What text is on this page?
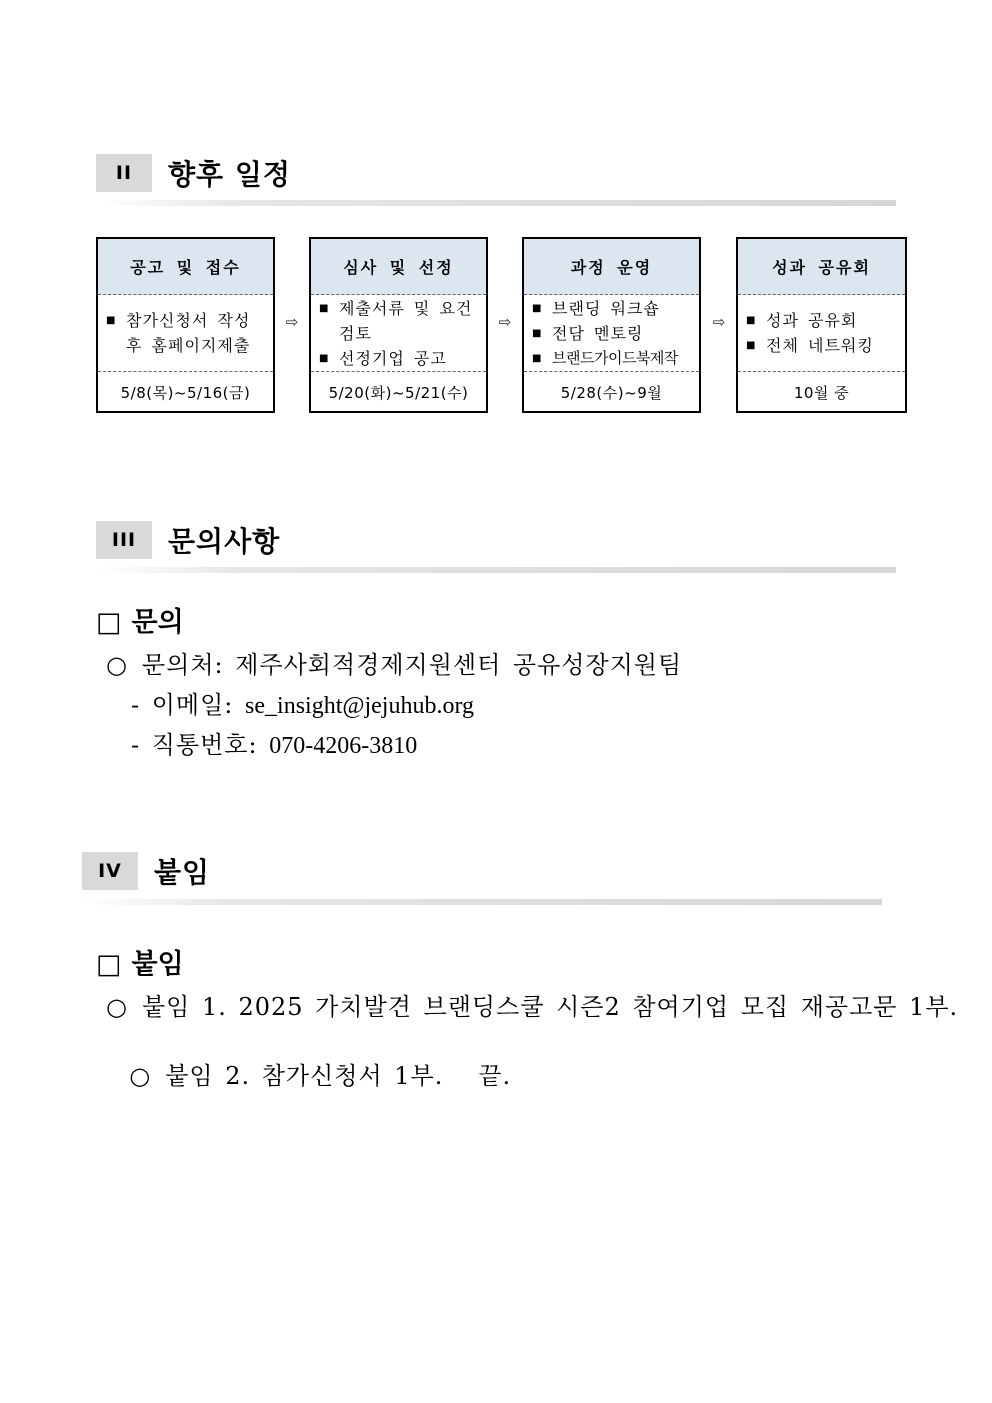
II	향후 일정
공고 및 접수
■ 참가신청서 작성 후 홈페이지제출
5/8(목)~5/16(금)
⇨
심사 및 선정
■ 제출서류 및 요건검토
■ 선정기업 공고
5/20(화)~5/21(수)
⇨
과정 운영
■ 브랜딩 워크숍
■ 전담 멘토링
■ 브랜드가이드북제작
5/28(수)~9월
⇨
성과 공유회
■ 성과 공유회
■ 전체 네트워킹
10월 중
III	문의사항
□ 문의
○ 문의처: 제주사회적경제지원센터 공유성장지원팀
- 이메일: se_insight@jejuhub.org
- 직통번호: 070-4206-3810
IV	붙임
□ 붙임
○ 붙임 1. 2025 가치발견 브랜딩스쿨 시즌2 참여기업 모집 재공고문 1부.

○ 붙임 2. 참가신청서 1부.   끝.
